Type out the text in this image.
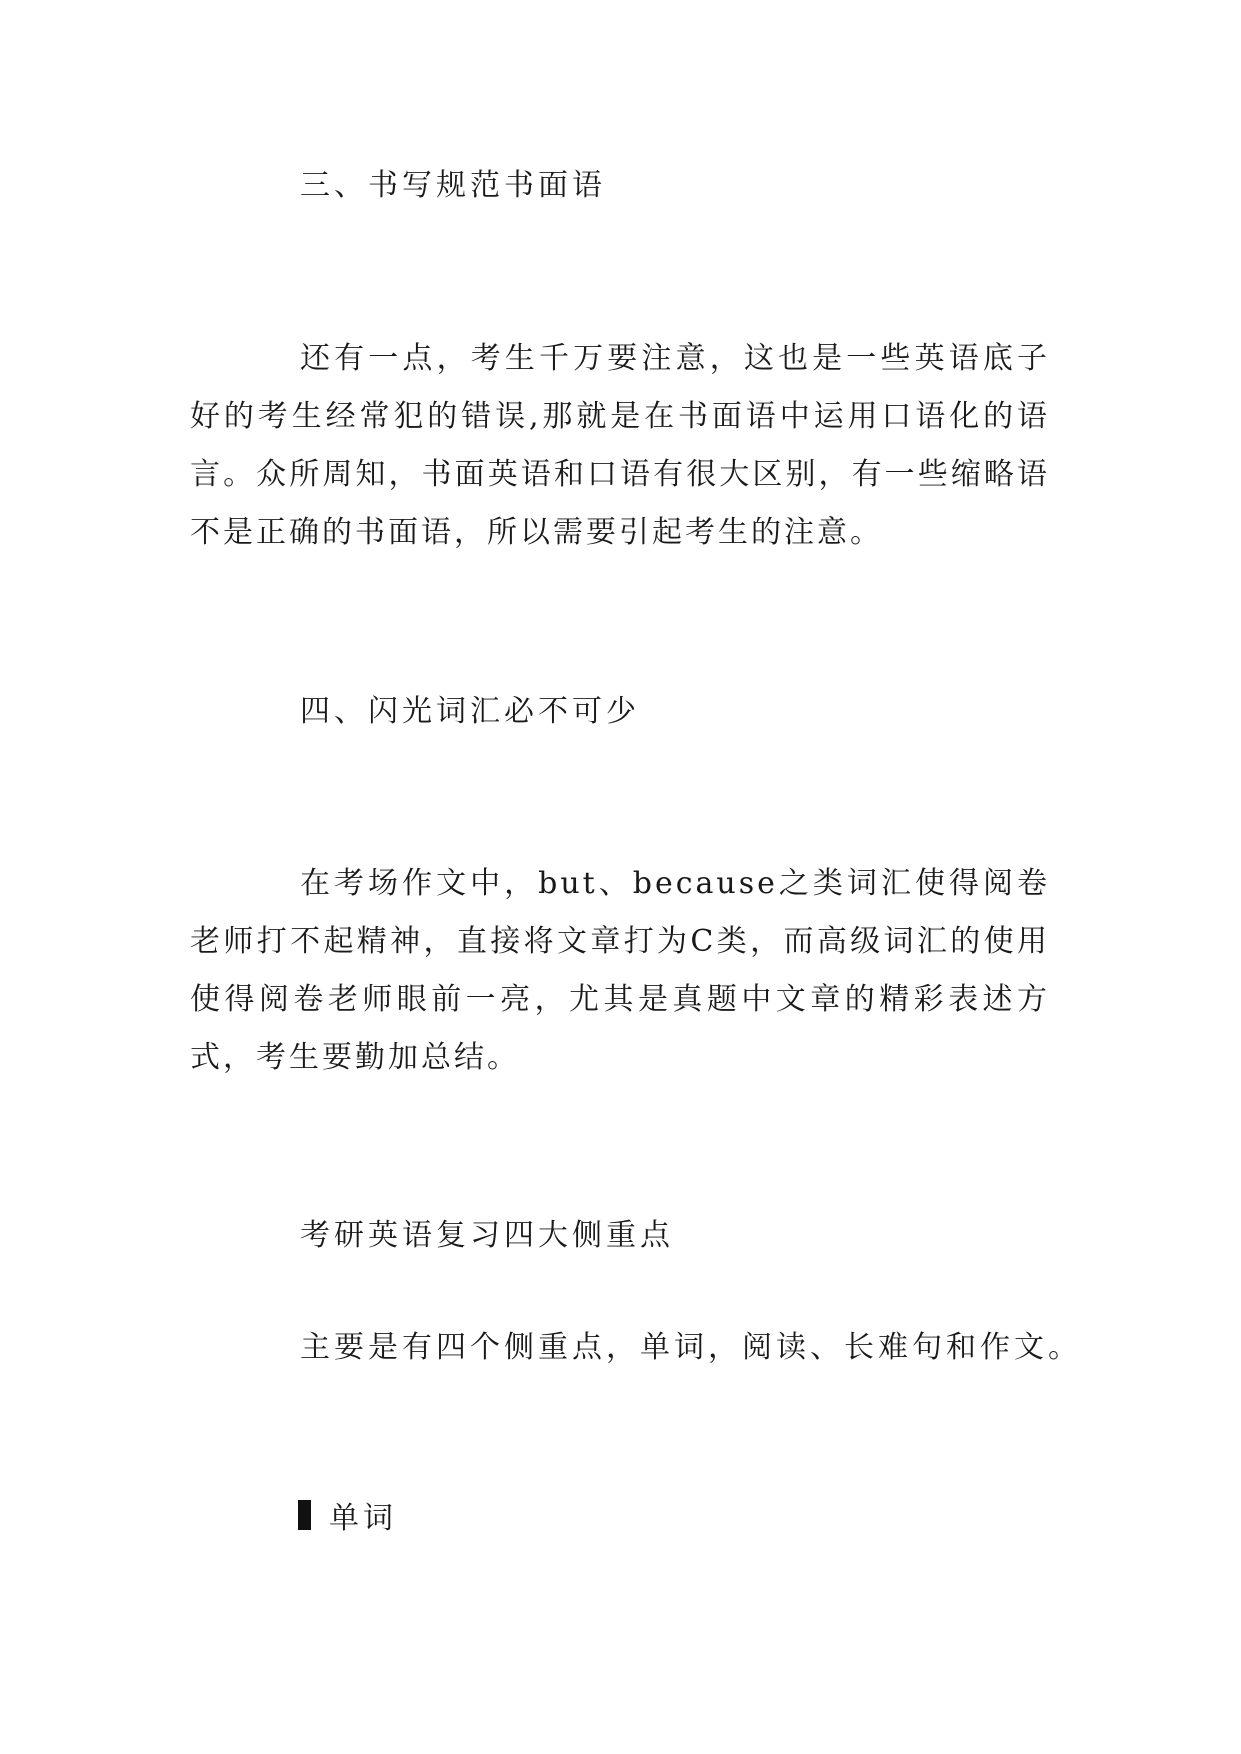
三、书写规范书面语

还有一点，考生千万要注意，这也是一些英语底子好的考生经常犯的错误,那就是在书面语中运用口语化的语言。众所周知，书面英语和口语有很大区别，有一些缩略语不是正确的书面语，所以需要引起考生的注意。

四、闪光词汇必不可少

在考场作文中，but、because之类词汇使得阅卷老师打不起精神，直接将文章打为C类，而高级词汇的使用使得阅卷老师眼前一亮，尤其是真题中文章的精彩表述方式，考生要勤加总结。

考研英语复习四大侧重点

主要是有四个侧重点，单词，阅读、长难句和作文。

单词
